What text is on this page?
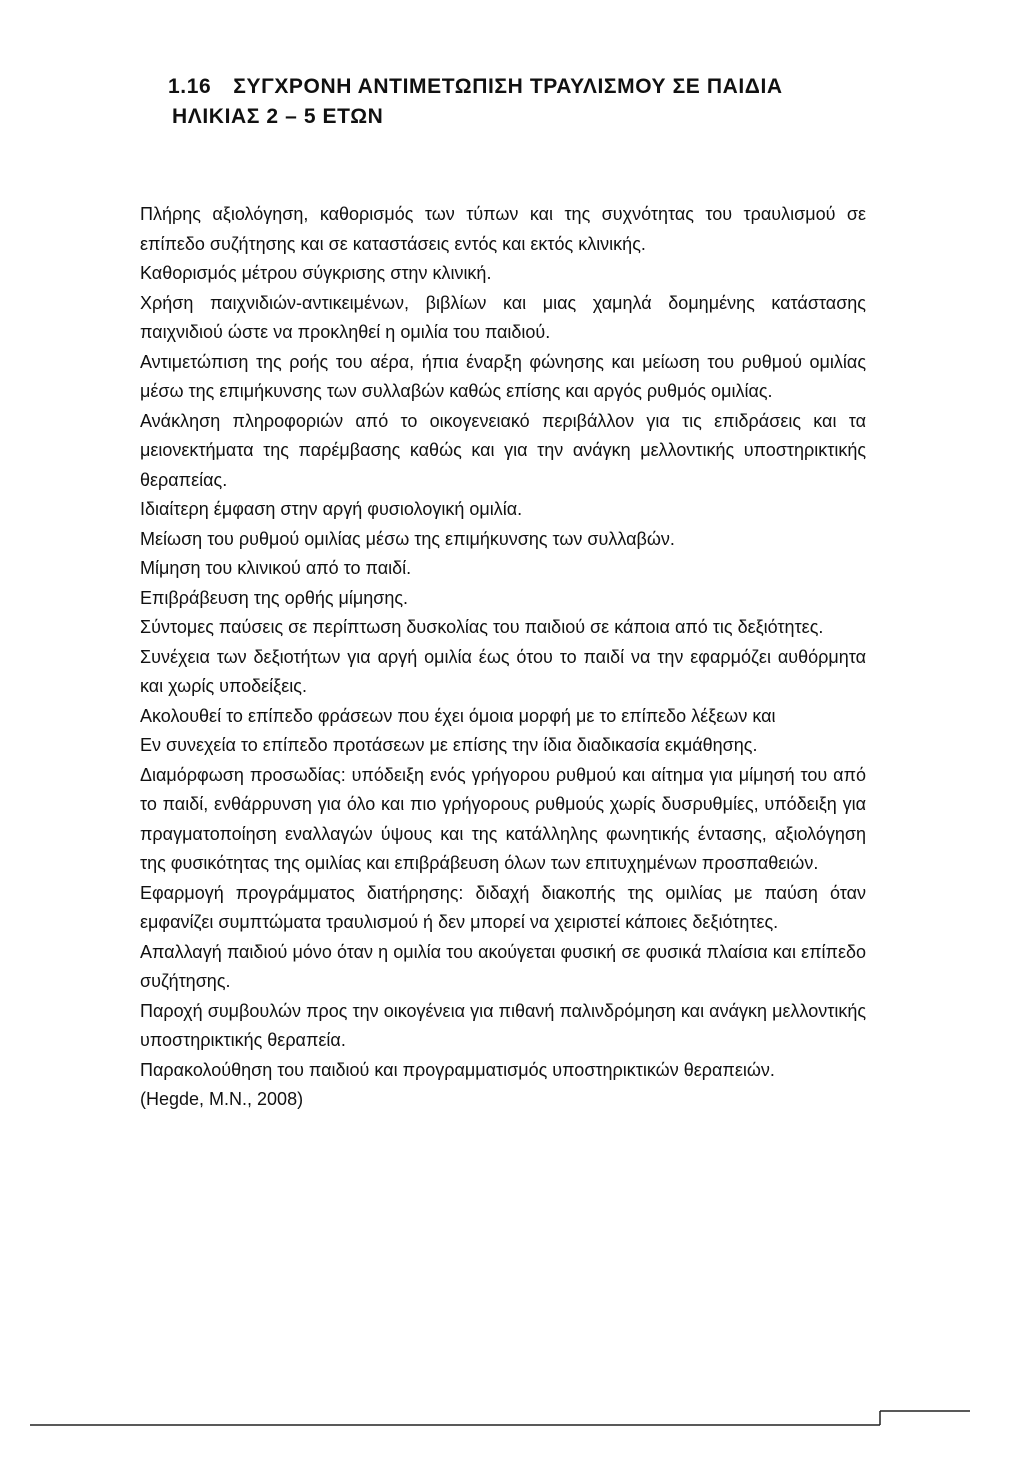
1.16 ΣΥΓΧΡΟΝΗ ΑΝΤΙΜΕΤΩΠΙΣΗ ΤΡΑΥΛΙΣΜΟΥ ΣΕ ΠΑΙΔΙΑ
ΗΛΙΚΙΑΣ 2 – 5 ΕΤΩΝ

Πλήρης αξιολόγηση, καθορισμός των τύπων και της συχνότητας του τραυλισμού σε επίπεδο συζήτησης και σε καταστάσεις εντός και εκτός κλινικής.

Καθορισμός μέτρου σύγκρισης στην κλινική.

Χρήση παιχνιδιών-αντικειμένων, βιβλίων και μιας χαμηλά δομημένης κατάστασης παιχνιδιού ώστε να προκληθεί η ομιλία του παιδιού.

Αντιμετώπιση της ροής του αέρα, ήπια έναρξη φώνησης και μείωση του ρυθμού ομιλίας μέσω της επιμήκυνσης των συλλαβών καθώς επίσης και αργός ρυθμός ομιλίας.

Ανάκληση πληροφοριών από το οικογενειακό περιβάλλον για τις επιδράσεις και τα μειονεκτήματα της παρέμβασης καθώς και για την ανάγκη μελλοντικής υποστηρικτικής θεραπείας.

Ιδιαίτερη έμφαση στην αργή φυσιολογική ομιλία.

Μείωση του ρυθμού ομιλίας μέσω της επιμήκυνσης των συλλαβών.

Μίμηση του κλινικού από το παιδί.

Επιβράβευση της ορθής μίμησης.

Σύντομες παύσεις σε περίπτωση δυσκολίας του παιδιού σε κάποια από τις δεξιότητες.

Συνέχεια των δεξιοτήτων για αργή ομιλία έως ότου το παιδί να την εφαρμόζει αυθόρμητα και χωρίς υποδείξεις.

Ακολουθεί το επίπεδο φράσεων που έχει όμοια μορφή με το επίπεδο λέξεων και

Εν συνεχεία το επίπεδο προτάσεων με επίσης την ίδια διαδικασία εκμάθησης.

Διαμόρφωση προσωδίας: υπόδειξη ενός γρήγορου ρυθμού και αίτημα για μίμησή του από το παιδί, ενθάρρυνση για όλο και πιο γρήγορους ρυθμούς χωρίς δυσρυθμίες, υπόδειξη για πραγματοποίηση εναλλαγών ύψους και της κατάλληλης φωνητικής έντασης, αξιολόγηση της φυσικότητας της ομιλίας και επιβράβευση όλων των επιτυχημένων προσπαθειών.

Εφαρμογή προγράμματος διατήρησης: διδαχή διακοπής της ομιλίας με παύση όταν εμφανίζει συμπτώματα τραυλισμού ή δεν μπορεί να χειριστεί κάποιες δεξιότητες.

Απαλλαγή παιδιού μόνο όταν η ομιλία του ακούγεται φυσική σε φυσικά πλαίσια και επίπεδο συζήτησης.

Παροχή συμβουλών προς την οικογένεια για πιθανή παλινδρόμηση και ανάγκη μελλοντικής υποστηρικτικής θεραπεία.

Παρακολούθηση του παιδιού και προγραμματισμός υποστηρικτικών θεραπειών.

(Hegde, M.N., 2008)
